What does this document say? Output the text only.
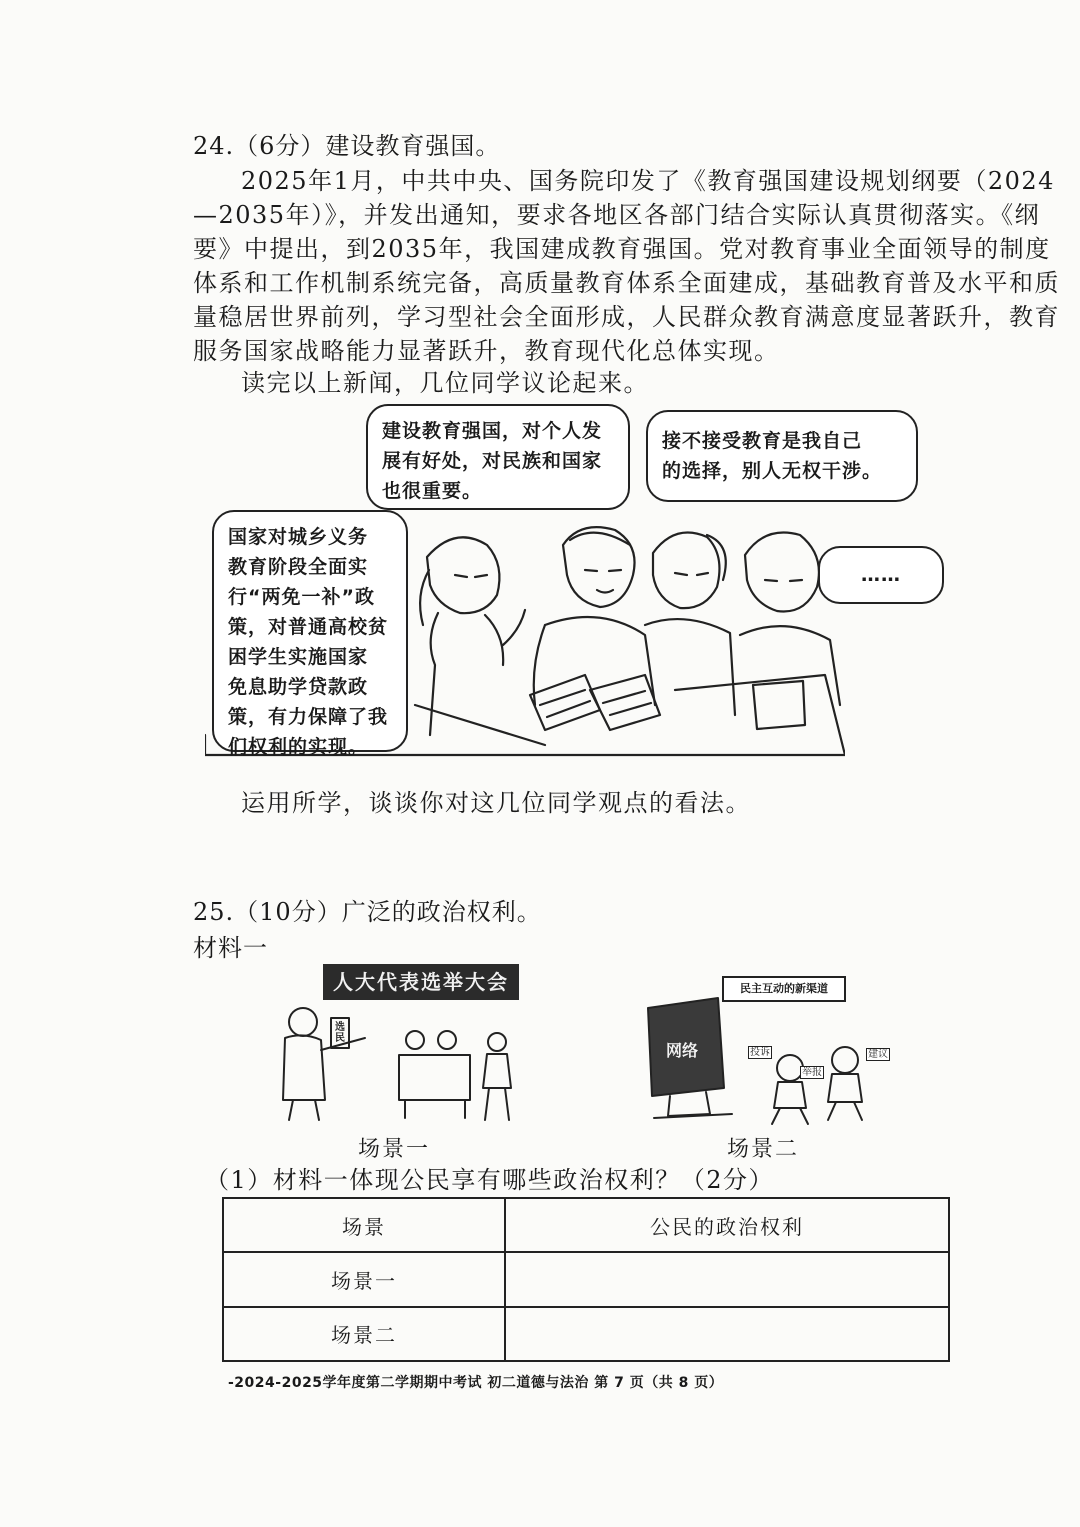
24.（6分）建设教育强国。
2025年1月，中共中央、国务院印发了《教育强国建设规划纲要（2024
—2035年）》，并发出通知，要求各地区各部门结合实际认真贯彻落实。《纲
要》中提出，到2035年，我国建成教育强国。党对教育事业全面领导的制度
体系和工作机制系统完备，高质量教育体系全面建成，基础教育普及水平和质
量稳居世界前列，学习型社会全面形成，人民群众教育满意度显著跃升，教育
服务国家战略能力显著跃升，教育现代化总体实现。
读完以上新闻，几位同学议论起来。
国家对城乡义务
教育阶段全面实
行“两免一补”政
策，对普通高校贫
困学生实施国家
免息助学贷款政
策，有力保障了我
们权利的实现。
建设教育强国，对个人发
展有好处，对民族和国家
也很重要。
接不接受教育是我自己
的选择，别人无权干涉。
……
运用所学，谈谈你对这几位同学观点的看法。
25.（10分）广泛的政治权利。
材料一
人大代表选举大会
选民
场景一
民主互动的新渠道
网络	投诉
举报
建议
场景二
（1）材料一体现公民享有哪些政治权利？（2分）
场景	公民的政治权利
场景一	
场景二	
-2024-2025学年度第二学期期中考试 初二道德与法治 第 7 页（共 8 页）
